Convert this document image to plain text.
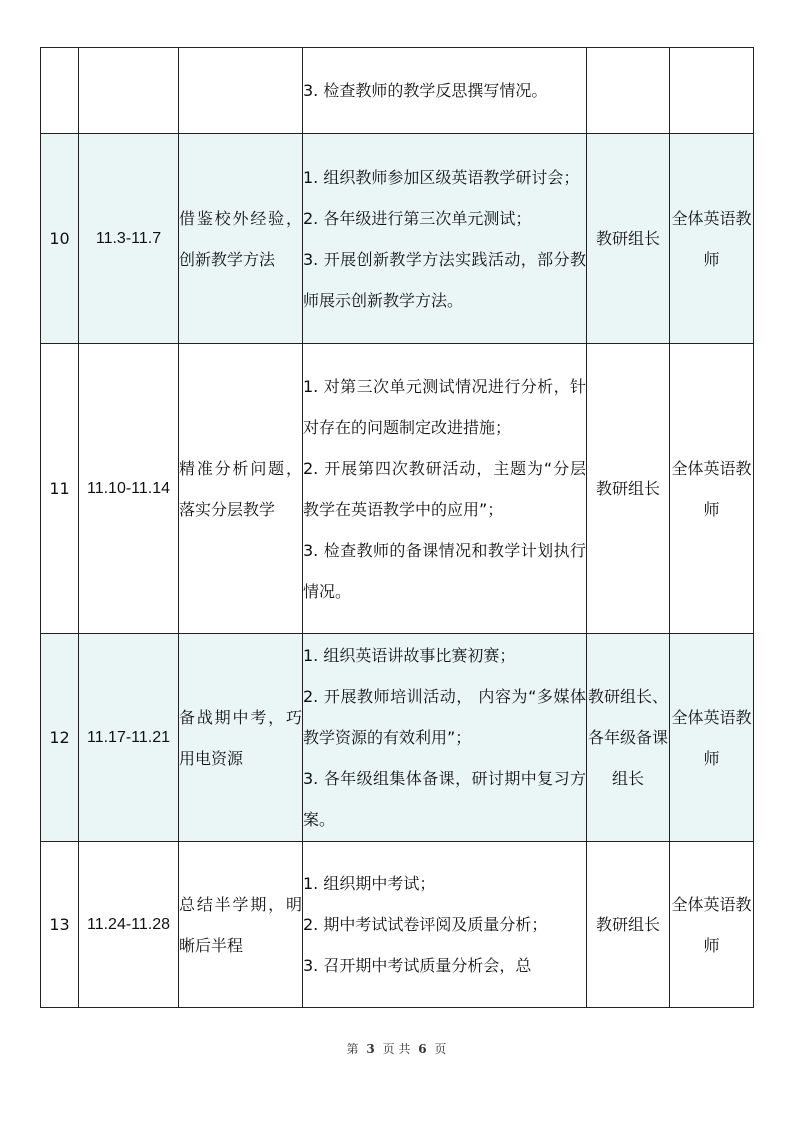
			3. 检查教师的教学反思撰写情况。		

10	11.3-11.7	借鉴校外经验，创新教学方法	1. 组织教师参加区级英语教学研讨会；
2. 各年级进行第三次单元测试；
3. 开展创新教学方法实践活动，部分教师展示创新教学方法。	教研组长	全体英语教师
11	11.10-11.14	精准分析问题，落实分层教学	1. 对第三次单元测试情况进行分析，针对存在的问题制定改进措施；
2. 开展第四次教研活动，主题为“分层教学在英语教学中的应用”；
3. 检查教师的备课情况和教学计划执行情况。	教研组长	全体英语教师
12	11.17-11.21	备战期中考，巧用电资源	1. 组织英语讲故事比赛初赛；
2. 开展教师培训活动， 内容为“多媒体教学资源的有效利用”；
3. 各年级组集体备课，研讨期中复习方案。	教研组长、各年级备课组长	全体英语教师
13	11.24-11.28	总结半学期，明晰后半程	1. 组织期中考试；
2. 期中考试试卷评阅及质量分析；
3. 召开期中考试质量分析会，总	教研组长	全体英语教师
第 3 页 共 6 页
